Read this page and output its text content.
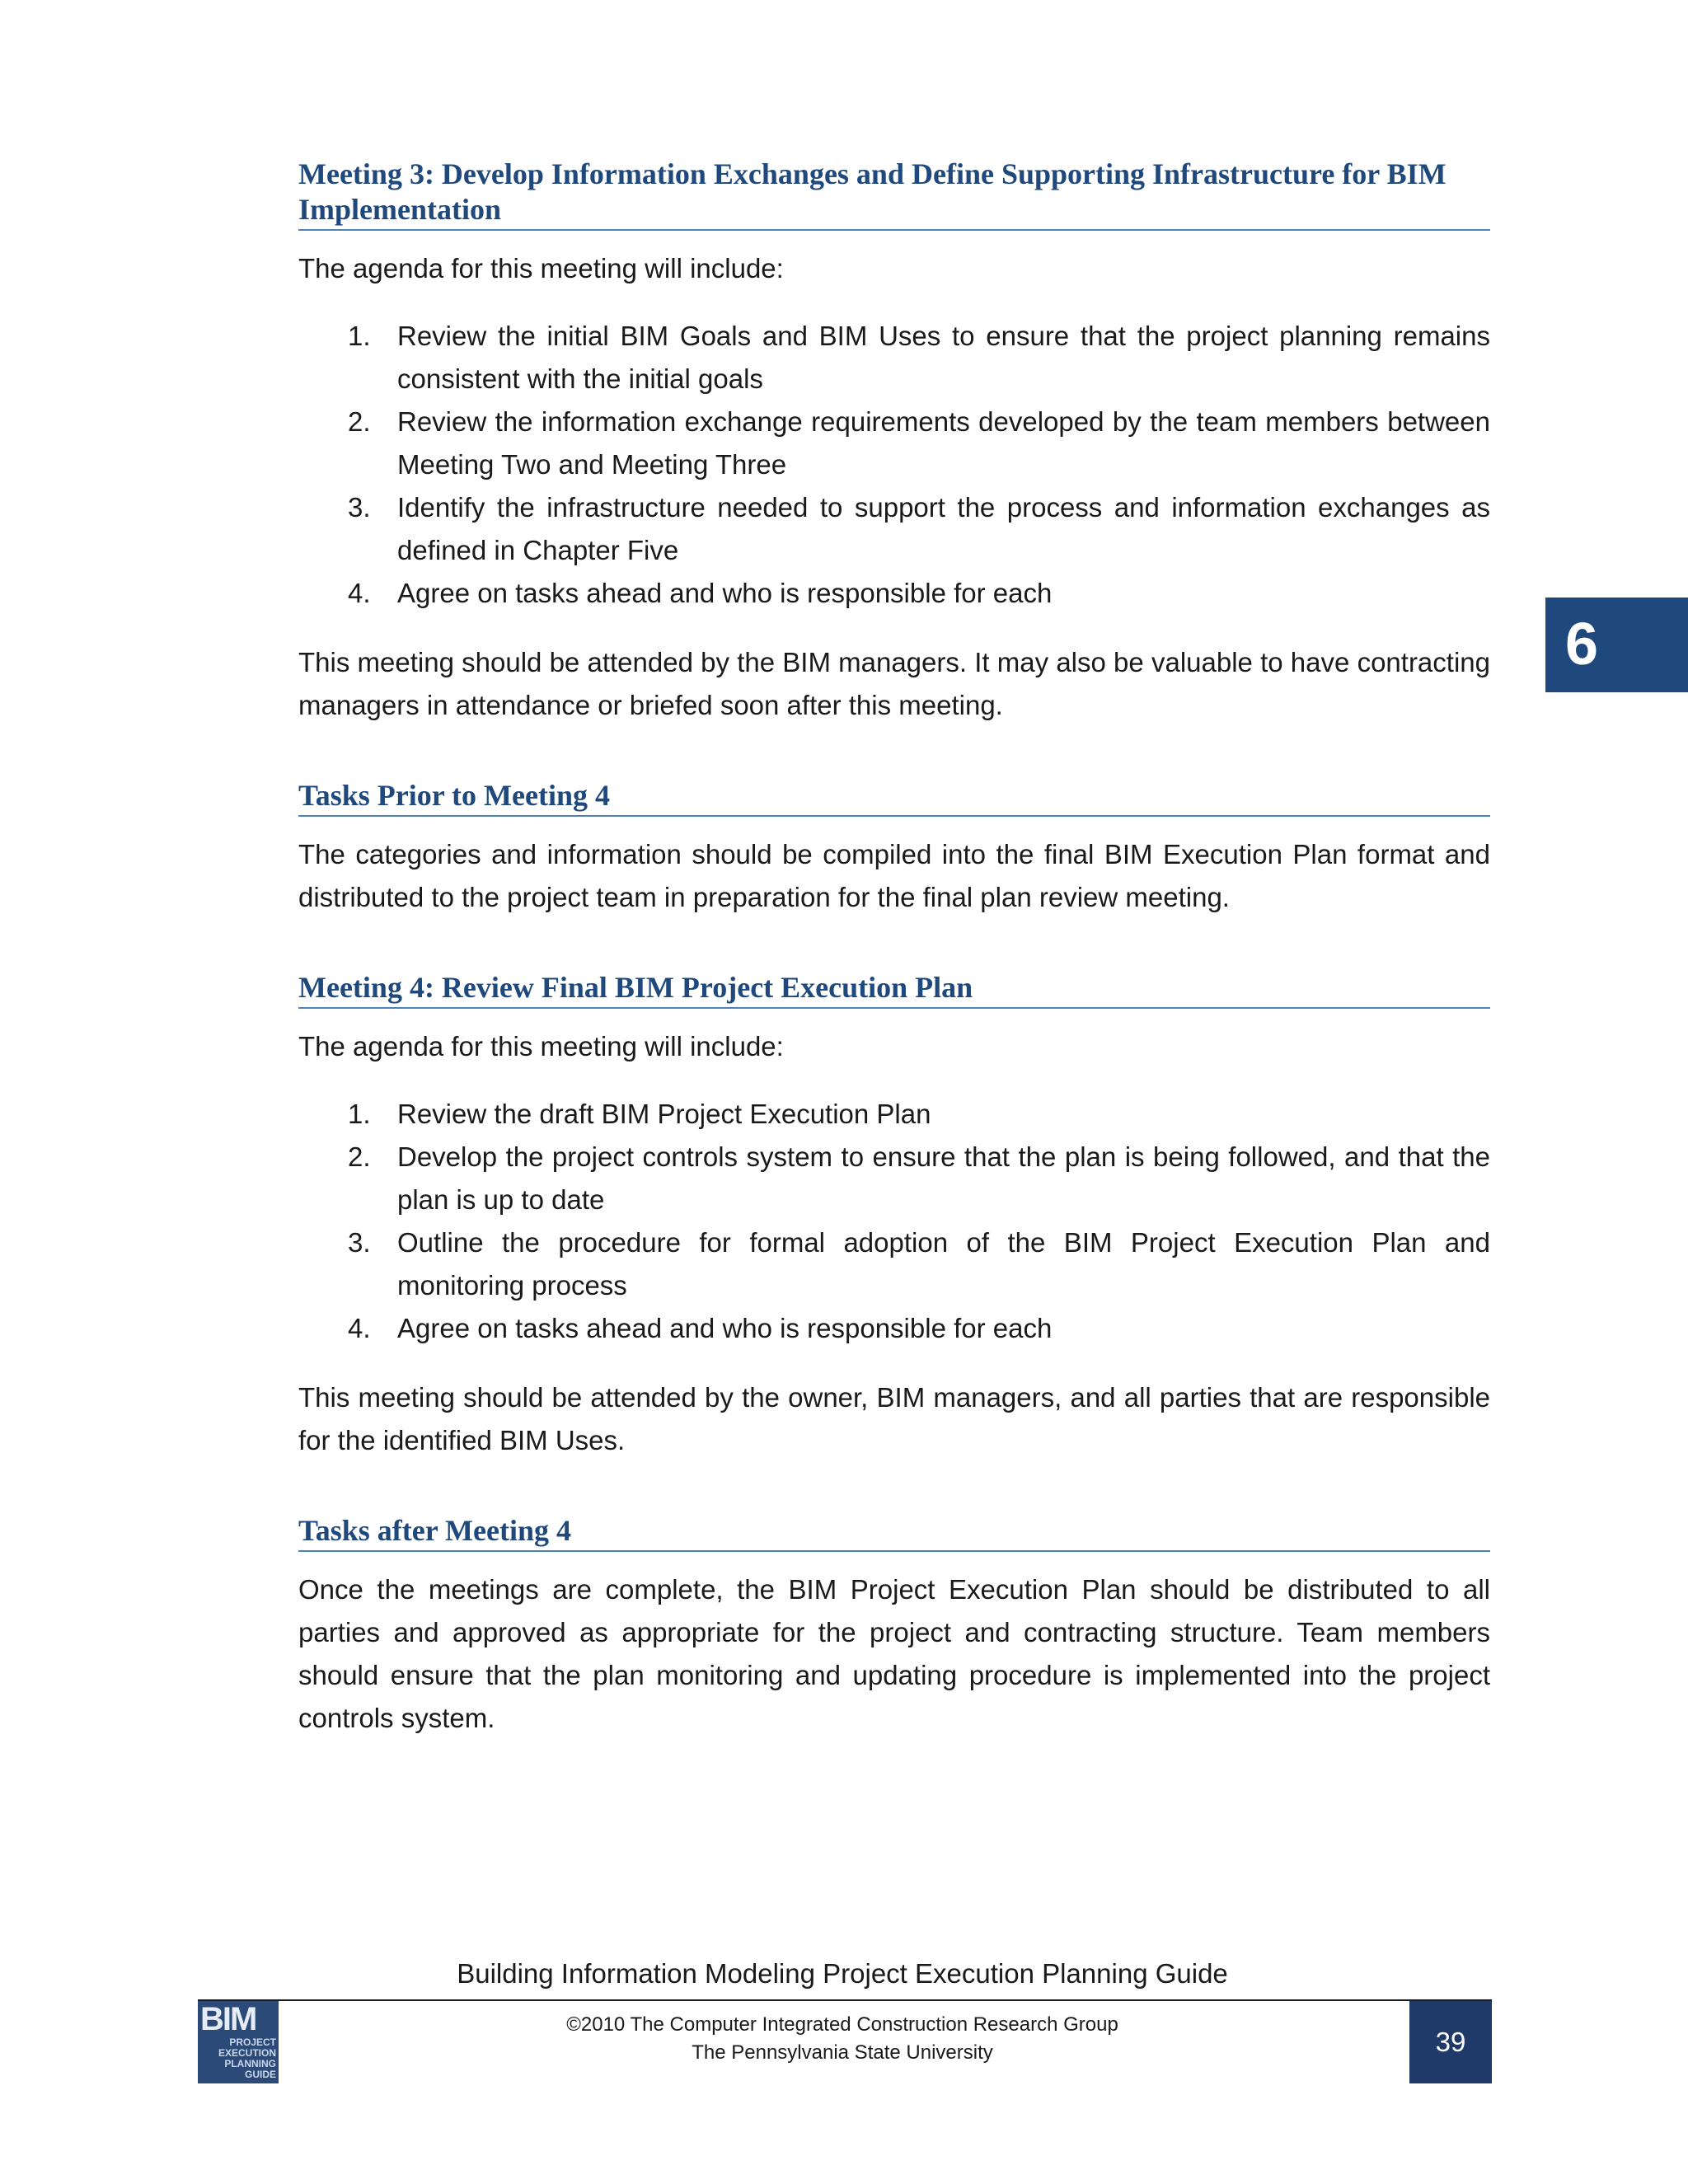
Meeting 3: Develop Information Exchanges and Define Supporting Infrastructure for BIM Implementation

The agenda for this meeting will include:

1. Review the initial BIM Goals and BIM Uses to ensure that the project planning remains consistent with the initial goals
2. Review the information exchange requirements developed by the team members between Meeting Two and Meeting Three
3. Identify the infrastructure needed to support the process and information exchanges as defined in Chapter Five
4. Agree on tasks ahead and who is responsible for each

This meeting should be attended by the BIM managers. It may also be valuable to have contracting managers in attendance or briefed soon after this meeting.

Tasks Prior to Meeting 4

The categories and information should be compiled into the final BIM Execution Plan format and distributed to the project team in preparation for the final plan review meeting.

Meeting 4: Review Final BIM Project Execution Plan

The agenda for this meeting will include:

1. Review the draft BIM Project Execution Plan
2. Develop the project controls system to ensure that the plan is being followed, and that the plan is up to date
3. Outline the procedure for formal adoption of the BIM Project Execution Plan and monitoring process
4. Agree on tasks ahead and who is responsible for each

This meeting should be attended by the owner, BIM managers, and all parties that are responsible for the identified BIM Uses.

Tasks after Meeting 4

Once the meetings are complete, the BIM Project Execution Plan should be distributed to all parties and approved as appropriate for the project and contracting structure. Team members should ensure that the plan monitoring and updating procedure is implemented into the project controls system.

6
Building Information Modeling Project Execution Planning Guide
BIM
PROJECT
EXECUTION
PLANNING
GUIDE
©2010 The Computer Integrated Construction Research Group
The Pennsylvania State University	39
